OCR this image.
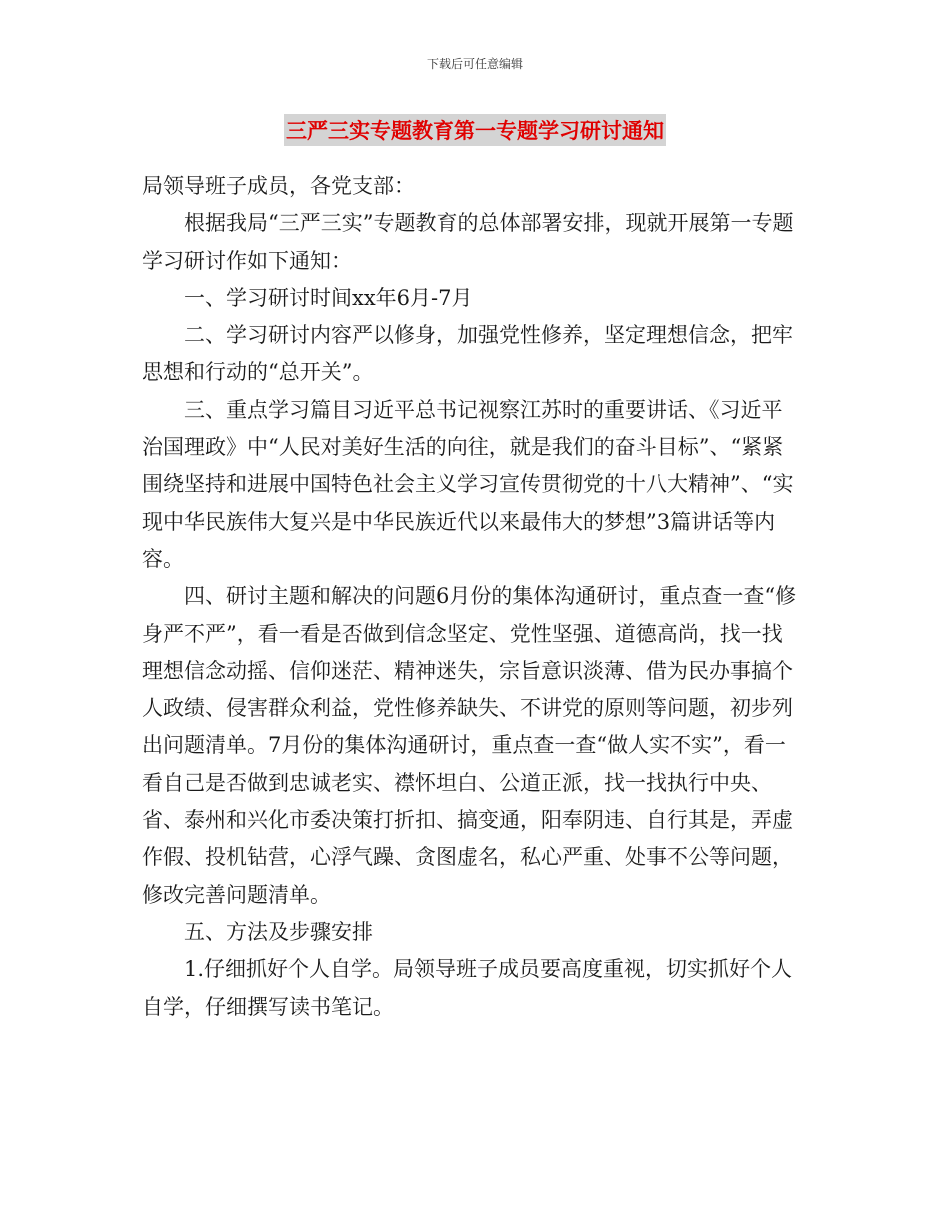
下载后可任意编辑
三严三实专题教育第一专题学习研讨通知

局领导班子成员，各党支部：

根据我局“三严三实”专题教育的总体部署安排，现就开展第一专题学习研讨作如下通知：

一、学习研讨时间xx年6月-7月

二、学习研讨内容严以修身，加强党性修养，坚定理想信念，把牢思想和行动的“总开关”。

三、重点学习篇目习近平总书记视察江苏时的重要讲话、《习近平治国理政》中“人民对美好生活的向往，就是我们的奋斗目标”、“紧紧围绕坚持和进展中国特色社会主义学习宣传贯彻党的十八大精神”、“实现中华民族伟大复兴是中华民族近代以来最伟大的梦想”3篇讲话等内容。

四、研讨主题和解决的问题6月份的集体沟通研讨，重点查一查“修身严不严”，看一看是否做到信念坚定、党性坚强、道德高尚，找一找理想信念动摇、信仰迷茫、精神迷失，宗旨意识淡薄、借为民办事搞个人政绩、侵害群众利益，党性修养缺失、不讲党的原则等问题，初步列出问题清单。7月份的集体沟通研讨，重点查一查“做人实不实”，看一看自己是否做到忠诚老实、襟怀坦白、公道正派，找一找执行中央、省、泰州和兴化市委决策打折扣、搞变通，阳奉阴违、自行其是，弄虚作假、投机钻营，心浮气躁、贪图虚名，私心严重、处事不公等问题，修改完善问题清单。

五、方法及步骤安排

1.仔细抓好个人自学。局领导班子成员要高度重视，切实抓好个人自学，仔细撰写读书笔记。
